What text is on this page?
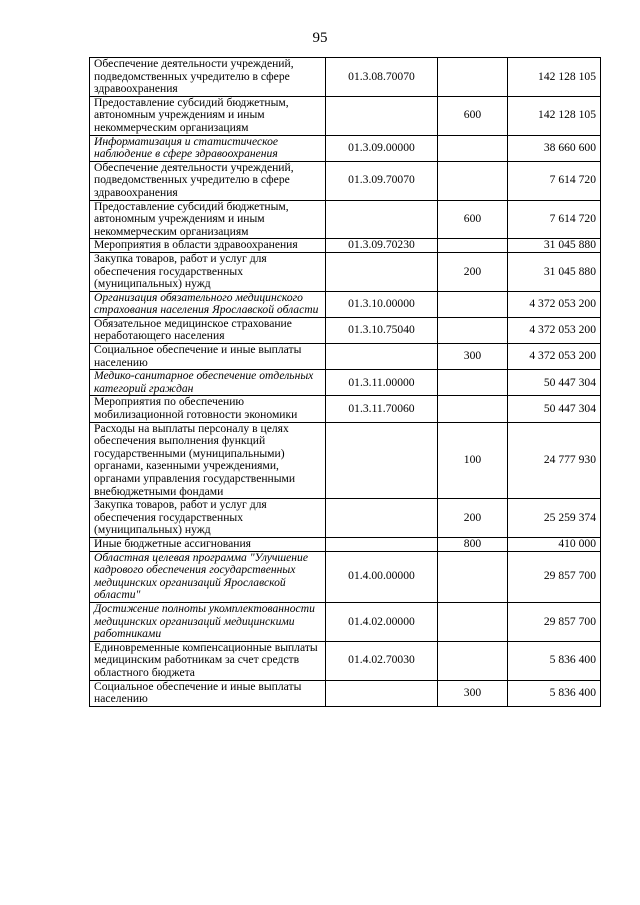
95
Обеспечение деятельности учреждений, подведомственных учредителю в сфере здравоохранения	01.3.08.70070		142 128 105
Предоставление субсидий бюджетным, автономным учреждениям и иным некоммерческим организациям		600	142 128 105
Информатизация и статистическое наблюдение в сфере здравоохранения	01.3.09.00000		38 660 600
Обеспечение деятельности учреждений, подведомственных учредителю в сфере здравоохранения	01.3.09.70070		7 614 720
Предоставление субсидий бюджетным, автономным учреждениям и иным некоммерческим организациям		600	7 614 720
Мероприятия в области здравоохранения	01.3.09.70230		31 045 880
Закупка товаров, работ и услуг для обеспечения государственных (муниципальных) нужд		200	31 045 880
Организация обязательного медицинского страхования населения Ярославской области	01.3.10.00000		4 372 053 200
Обязательное медицинское страхование неработающего населения	01.3.10.75040		4 372 053 200
Социальное обеспечение и иные выплаты населению		300	4 372 053 200
Медико-санитарное обеспечение отдельных категорий граждан	01.3.11.00000		50 447 304
Мероприятия по обеспечению мобилизационной готовности экономики	01.3.11.70060		50 447 304
Расходы на выплаты персоналу в целях обеспечения выполнения функций государственными (муниципальными) органами, казенными учреждениями, органами управления государственными внебюджетными фондами		100	24 777 930
Закупка товаров, работ и услуг для обеспечения государственных (муниципальных) нужд		200	25 259 374
Иные бюджетные ассигнования		800	410 000
Областная целевая программа "Улучшение кадрового обеспечения государственных медицинских организаций Ярославской области"	01.4.00.00000		29 857 700
Достижение полноты укомплектованности медицинских организаций медицинскими работниками	01.4.02.00000		29 857 700
Единовременные компенсационные выплаты медицинским работникам за счет средств областного бюджета	01.4.02.70030		5 836 400
Социальное обеспечение и иные выплаты населению		300	5 836 400
